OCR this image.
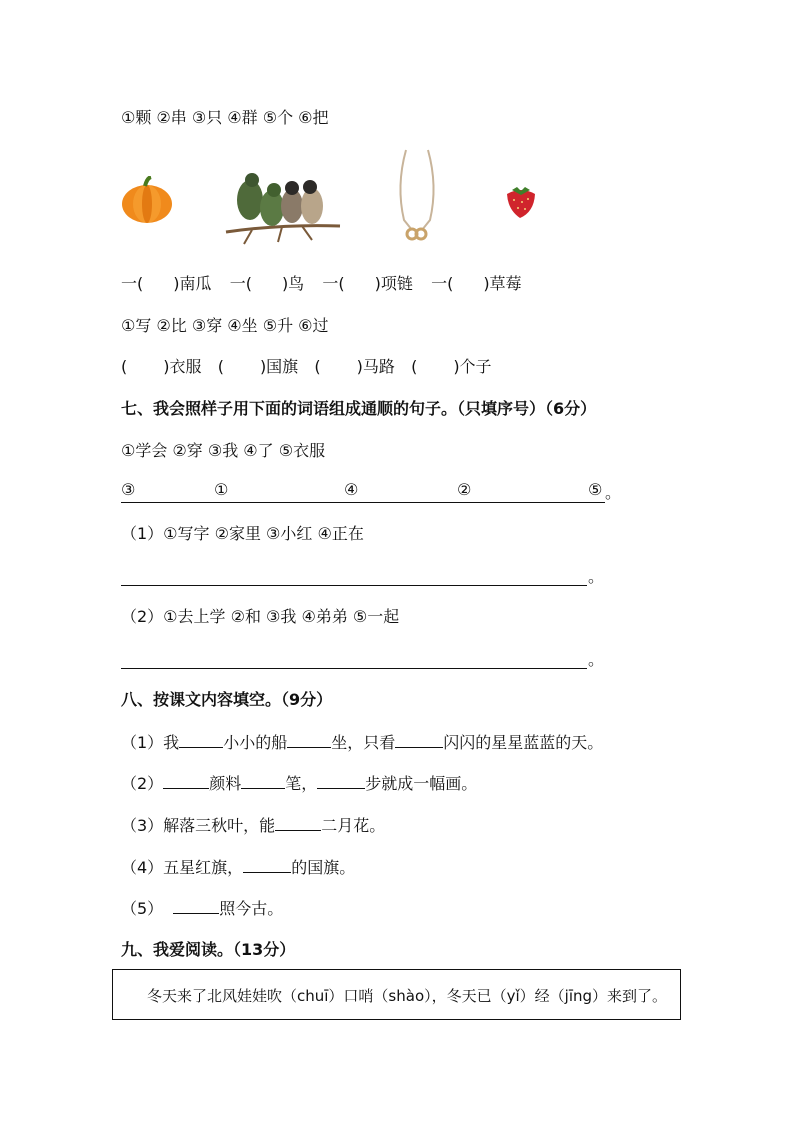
①颗 ②串 ③只 ④群 ⑤个 ⑥把
一( )南瓜 一( )鸟 一( )项链 一( )草莓
①写 ②比 ③穿 ④坐 ⑤升 ⑥过
( )衣服 ( )国旗 ( )马路 ( )个子
七、我会照样子用下面的词语组成通顺的句子。（只填序号）（6分）
①学会 ②穿 ③我 ④了 ⑤衣服
③	①	④	②	⑤ 。
（1）①写字 ②家里 ③小红 ④正在
。
（2）①去上学 ②和 ③我 ④弟弟 ⑤一起
。
八、按课文内容填空。（9分）
（1）我	小小的船	坐，只看	闪闪的星星蓝蓝的天。
（2）	颜料	笔，	步就成一幅画。
（3）解落三秋叶，能	二月花。
（4）五星红旗，	的国旗。
（5）	照今古。
九、我爱阅读。（13分）
冬天来了北风娃娃吹（chuī）口哨（shào），冬天已（yǐ）经（jīng）来到了。
